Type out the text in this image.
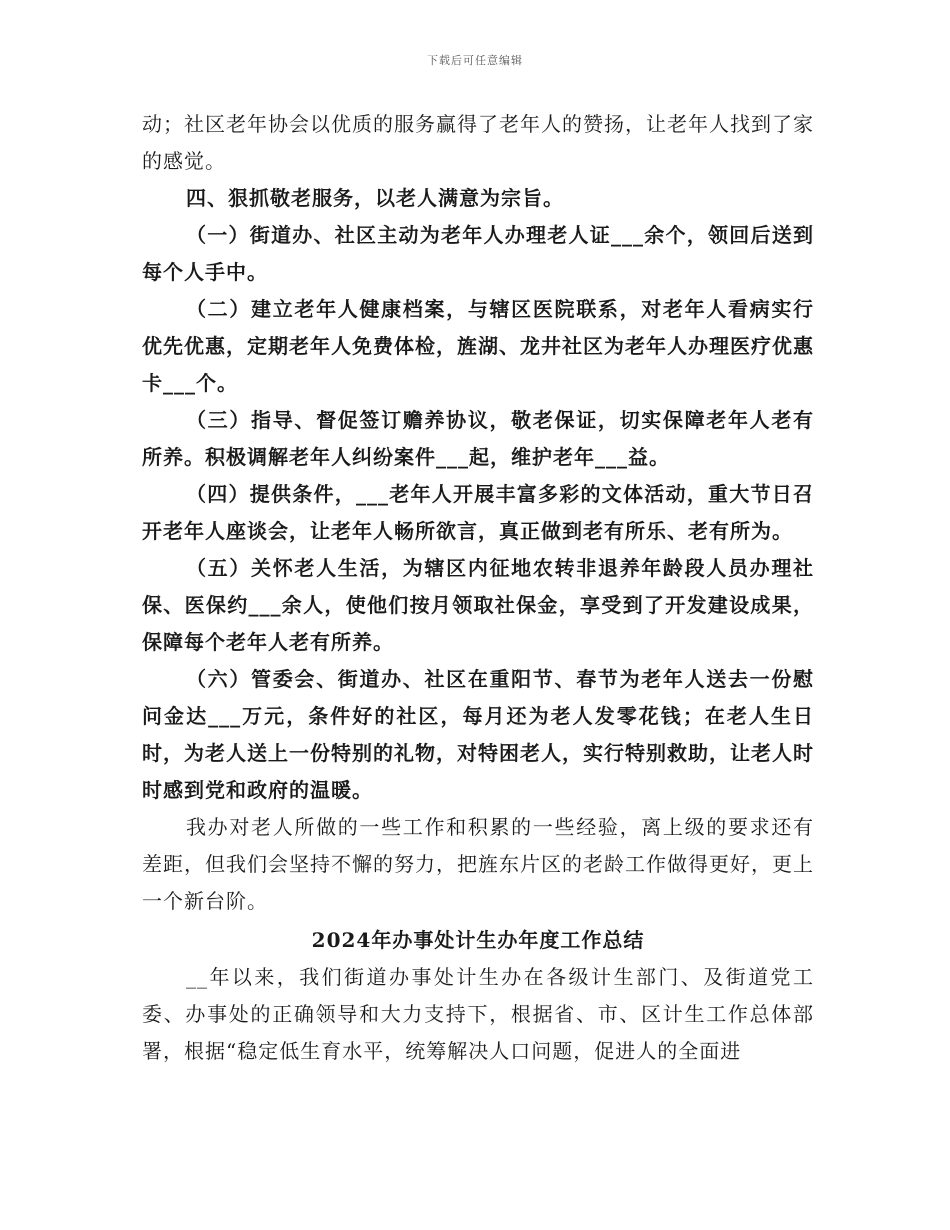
下载后可任意编辑

动；社区老年协会以优质的服务赢得了老年人的赞扬，让老年人找到了家的感觉。

四、狠抓敬老服务，以老人满意为宗旨。

（一）街道办、社区主动为老年人办理老人证___余个，领回后送到每个人手中。

（二）建立老年人健康档案，与辖区医院联系，对老年人看病实行优先优惠，定期老年人免费体检，旌湖、龙井社区为老年人办理医疗优惠卡___个。

（三）指导、督促签订赡养协议，敬老保证，切实保障老年人老有所养。积极调解老年人纠纷案件___起，维护老年___益。

（四）提供条件，___老年人开展丰富多彩的文体活动，重大节日召开老年人座谈会，让老年人畅所欲言，真正做到老有所乐、老有所为。

（五）关怀老人生活，为辖区内征地农转非退养年龄段人员办理社保、医保约___余人，使他们按月领取社保金，享受到了开发建设成果，保障每个老年人老有所养。

（六）管委会、街道办、社区在重阳节、春节为老年人送去一份慰问金达___万元，条件好的社区，每月还为老人发零花钱；在老人生日时，为老人送上一份特别的礼物，对特困老人，实行特别救助，让老人时时感到党和政府的温暖。

我办对老人所做的一些工作和积累的一些经验，离上级的要求还有差距，但我们会坚持不懈的努力，把旌东片区的老龄工作做得更好，更上一个新台阶。

2024年办事处计生办年度工作总结

__年以来，我们街道办事处计生办在各级计生部门、及街道党工委、办事处的正确领导和大力支持下，根据省、市、区计生工作总体部署，根据“稳定低生育水平，统筹解决人口问题，促进人的全面进
